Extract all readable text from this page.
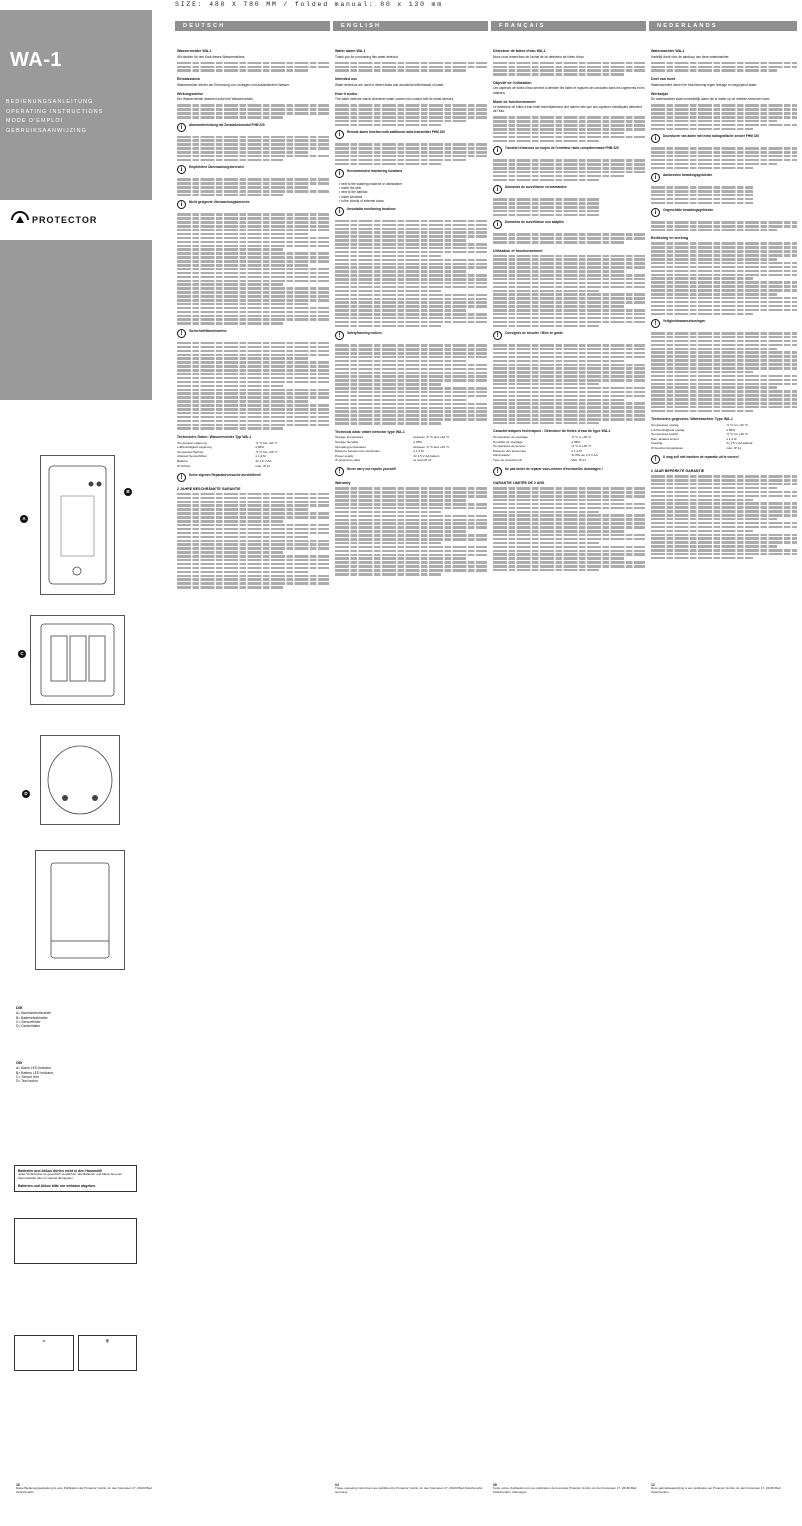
SIZE: 480 X 780 MM / folded manual: 80 x 130 mm
WA-1
BEDIENUNGSANLEITUNG
OPERATING INSTRUCTIONS
MODE D'EMPLOI
GEBRUIKSAANWIJZING
PROTECTOR
DEUTSCH	ENGLISH	FRANÇAIS	NEDERLANDS
A
B
C
D
D/E
A= Alarmkontrolleuchte
B= Batteriefachhalter
C= Sensorfühler
D= Deckelhalter
GB
A= Alarm LED indicator
B= Battery LED indicator
C= Sensor feet
D= Test button
Batterien und Akkus dürfen nicht in den Hausmüll!
Jeder Verbraucher ist gesetzlich verpflichtet, alle Batterien und Akkus bei einer Sammelstelle oder im Handel abzugeben.
Batterien und Akkus bitte nur entladen abgeben.
♻	🗑
Wassermelder WA-1

Wir danken für den Kauf dieses Wassermelders.

Einsatzzweck

Wassermelder dienen der Erkennung von Leckagen und auslaufendem Wasser.

Wirkungsweise

Der Wassermelder alarmiert sofort bei Wasserkontakt.

i	Alarmweiterleitung mit Zusatzfunkmodul FHM 320
i	Empfohlene Überwachungsbereiche
i	Nicht geeignete Überwachungsbereiche
!	Sicherheit/Warnhinweise
Technische Daten: Wassermelder Typ WA-1
Temperatur Lagerung	-5 °C bis +40 °C
Luftfeuchtigkeit Lagerung	≤ 95%
Temperatur Betrieb	-5 °C bis +45 °C
Abstand Sensorfühler	≤ 1,2 M
Batterie	3x 1,5 V AA
IP-Schutz	max. IP 21
!	Keine eigenen Reparaturversuche durchführen!
2 JAHRE BESCHRÄNKTE GARANTIE
Water alarm WA-1

Thank you for purchasing this water detector.

Intended use

Water detectors are used to detect leaks and accidental withdrawals of water.

How it works

The water detector warns whenever water comes into contact with its metal sensors.

i	Remote alarm function with additional radio transmitter FHM 320
i	Recommended monitoring locations
• next to the washing machine or dishwasher
• under the sink
• next to the bathtub
• under windows
• in the vicinity of external doors
i	Unsuitable monitoring locations
!	Safety/warning notices
Technical data: water detector type WA-1
Storage temperature	between -5 °C and +40 °C
Storage humidity	≤ 95%
Operating temperature	between -5 °C and +45 °C
Distance between the electrodes	≤ 1,2 M
Power supply	3x 1,5 V AA battery
IP protection class	at most IP 21
!	Never carry out repairs yourself!
Warranty
Détecteur de fuites d'eau WA-1

Nous vous remercions de l'achat de ce détecteur de fuites d'eau.

Objectif de l'utilisation

Les capteurs de fuites d'eau servent à détecter les fuites et ruptures de conduites dans les logements et les maisons.

Mode de fonctionnement

Le détecteur de fuites d'eau émet immédiatement une alarme dès que ses capteurs métalliques détectent de l'eau.

i	Transfert d'alarmes au moyen de l'émetteur radio complémentaire FHM 320
i	Domaines de surveillance recommandés
i	Domaines de surveillance non adaptés
Utilisation et fonctionnement
!	Consignes de sécurité / Mise en garde
Caractéristiques techniques : Détecteur de fuites d'eau de type WA-1
Température de stockage	-5 °C à +40 °C
Humidité de stockage	≤ 95%
Température de service	-5 °C à +45 °C
Distance des électrodes	≤ 1,2 M
Alimentation	3x Pile de 1,5 V AA
Type de protection IP	Max. IP 21
!	Ne pas tenter de réparer vous-mêmes d'éventuelles dommages !
GARANTIE LIMITÉE DE 2 ANS
Waterwachter WA-1

Hartelijk dank voor de aankoop van deze waterwachter.

Doel van inzet

Waterwachters dienen ter bescherming tegen lekkage en weglopend water.

Werkwijze

De waterwachter slaat onmiddellijk alarm als er water op de metalen sensoren komt.

i	Doorsturen van alarm met extra radiografische zender FHM 320
i	Aanbevolen bewakingsgebieden
i	Ongeschikte bewakingsgebieden
Bediening en werking
!	Veiligheidswaarschuwingen
Technische gegevens: Waterwachter Type WA-1
Temperatuur opslag	-5 °C tot +40 °C
Luchtvochtigheid opslag	≤ 95%
Temperatuur bedrijf	-5 °C tot +45 °C
Max. afstand sensor	≤ 1,2 M
Voeding	3x 1,5 V AA batterij
IP-beschermingsklasse	max. IP 21
!	U mag zelf niet trachten de reparatie uit te voeren!
2 JAAR BEPERKTE GARANTIE
16
Diese Bedienungsanleitung ist eine Publikation der Protector GmbH, An den Kolonaten 17, 26160 Bad Zwischenahn.
04
These operating instructions are published by Protector GmbH, An den Kolonaten 17, 26160 Bad Zwischenahn, Germany.
08
Cette notice d'utilisation est une publication de la société Protector GmbH, An den Kolonaten 17, 26160 Bad Zwischenahn, Allemagne.
12
Deze gebruiksaanwijzing is een publicatie van Protector GmbH, An den Kolonaten 17, 26160 Bad Zwischenahn.
